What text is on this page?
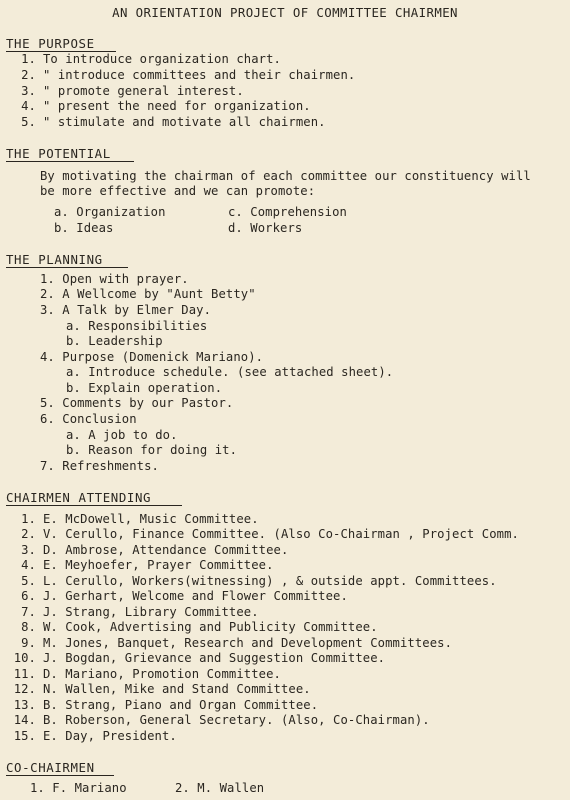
AN ORIENTATION PROJECT OF COMMITTEE CHAIRMEN
THE PURPOSE
1. To introduce organization chart.
2. " introduce committees and their chairmen.
3. " promote general interest.
4. " present the need for organization.
5. " stimulate and motivate all chairmen.
THE POTENTIAL
By motivating the chairman of each committee our constituency will
be more effective and we can promote:
a. Organization	c. Comprehension
b. Ideas	d. Workers
THE PLANNING
1. Open with prayer.
2. A Wellcome by "Aunt Betty"
3. A Talk by Elmer Day.
a. Responsibilities
b. Leadership
4. Purpose (Domenick Mariano).
a. Introduce schedule. (see attached sheet).
b. Explain operation.
5. Comments by our Pastor.
6. Conclusion
a. A job to do.
b. Reason for doing it.
7. Refreshments.
CHAIRMEN ATTENDING
1. E. McDowell, Music Committee.
2. V. Cerullo, Finance Committee. (Also Co-Chairman , Project Comm.
3. D. Ambrose, Attendance Committee.
4. E. Meyhoefer, Prayer Committee.
5. L. Cerullo, Workers(witnessing) , & outside appt. Committees.
6. J. Gerhart, Welcome and Flower Committee.
7. J. Strang, Library Committee.
8. W. Cook, Advertising and Publicity Committee.
9. M. Jones, Banquet, Research and Development Committees.
10. J. Bogdan, Grievance and Suggestion Committee.
11. D. Mariano, Promotion Committee.
12. N. Wallen, Mike and Stand Committee.
13. B. Strang, Piano and Organ Committee.
14. B. Roberson, General Secretary. (Also, Co-Chairman).
15. E. Day, President.
CO-CHAIRMEN
1. F. Mariano	2. M. Wallen
